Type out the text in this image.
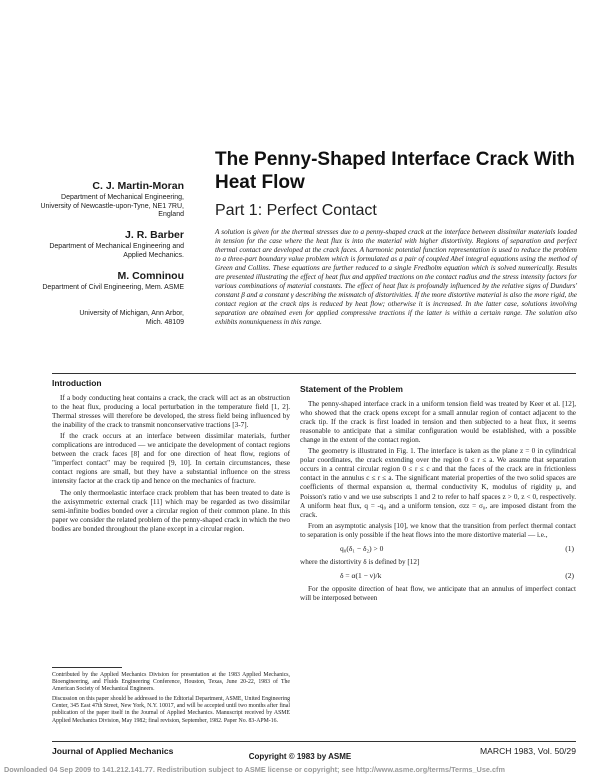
The Penny-Shaped Interface Crack With Heat Flow
Part 1: Perfect Contact
C. J. Martin-Moran
Department of Mechanical Engineering, University of Newcastle-upon-Tyne, NE1 7RU, England
J. R. Barber
Department of Mechanical Engineering and Applied Mechanics.
M. Comninou
Department of Civil Engineering, Mem. ASME
University of Michigan, Ann Arbor, Mich. 48109
A solution is given for the thermal stresses due to a penny-shaped crack at the interface between dissimilar materials loaded in tension for the case where the heat flux is into the material with higher distortivity. Regions of separation and perfect thermal contact are developed at the crack faces. A harmonic potential function representation is used to reduce the problem to a three-part boundary value problem which is formulated as a pair of coupled Abel integral equations using the method of Green and Collins. These equations are further reduced to a single Fredholm equation which is solved numerically. Results are presented illustrating the effect of heat flux and applied tractions on the contact radius and the stress intensity factors for various combinations of material constants. The effect of heat flux is profoundly influenced by the relative signs of Dundurs' constant β and a constant γ describing the mismatch of distortivities. If the more distortive material is also the more rigid, the contact region at the crack tips is reduced by heat flow; otherwise it is increased. In the latter case, solutions involving separation are obtained even for applied compressive tractions if the latter is within a certain range. The solution also exhibits nonuniqueness in this range.
Introduction

If a body conducting heat contains a crack, the crack will act as an obstruction to the heat flux, producing a local perturbation in the temperature field [1, 2]. Thermal stresses will therefore be developed, the stress field being influenced by the inability of the crack to transmit nonconservative tractions [3-7].

If the crack occurs at an interface between dissimilar materials, further complications are introduced — we anticipate the development of contact regions between the crack faces [8] and for one direction of heat flow, regions of "imperfect contact" may be required [9, 10]. In certain circumstances, these contact regions are small, but they have a substantial influence on the stress intensity factor at the crack tip and hence on the mechanics of fracture.

The only thermoelastic interface crack problem that has been treated to date is the axisymmetric external crack [11] which may be regarded as two dissimilar semi-infinite bodies bonded over a circular region of their common plane. In this paper we consider the related problem of the penny-shaped crack in which the two bodies are bonded throughout the plane except in a circular region.

Contributed by the Applied Mechanics Division for presentation at the 1983 Applied Mechanics, Bioengineering, and Fluids Engineering Conference, Houston, Texas, June 20-22, 1983 of The American Society of Mechanical Engineers.

Discussion on this paper should be addressed to the Editorial Department, ASME, United Engineering Center, 345 East 47th Street, New York, N.Y. 10017, and will be accepted until two months after final publication of the paper itself in the Journal of Applied Mechanics. Manuscript received by ASME Applied Mechanics Division, May 1982; final revision, September, 1982. Paper No. 83-APM-16.

Statement of the Problem

The penny-shaped interface crack in a uniform tension field was treated by Keer et al. [12], who showed that the crack opens except for a small annular region of contact adjacent to the crack tip. If the crack is first loaded in tension and then subjected to a heat flux, it seems reasonable to anticipate that a similar configuration would be established, with a possible change in the extent of the contact region.

The geometry is illustrated in Fig. 1. The interface is taken as the plane z = 0 in cylindrical polar coordinates, the crack extending over the region 0 ≤ r ≤ a. We assume that separation occurs in a central circular region 0 ≤ r ≤ c and that the faces of the crack are in frictionless contact in the annulus c ≤ r ≤ a. The significant material properties of the two solid spaces are coefficients of thermal expansion α, thermal conductivity K, modulus of rigidity μ, and Poisson's ratio ν and we use subscripts 1 and 2 to refer to half spaces z > 0, z < 0, respectively. A uniform heat flux, q = -q₀ and a uniform tension, σzz = σ₀, are imposed distant from the crack.

From an asymptotic analysis [10], we know that the transition from perfect thermal contact to separation is only possible if the heat flows into the more distortive material — i.e.,

q₀(δ₁ − δ₂) > 0	(1)

where the distortivity δ is defined by [12]

δ = α(1 − ν)/k	(2)

For the opposite direction of heat flow, we anticipate that an annulus of imperfect contact will be interposed between

Journal of Applied Mechanics	MARCH 1983, Vol. 50/29
Copyright © 1983 by ASME
Downloaded 04 Sep 2009 to 141.212.141.77. Redistribution subject to ASME license or copyright; see http://www.asme.org/terms/Terms_Use.cfm
